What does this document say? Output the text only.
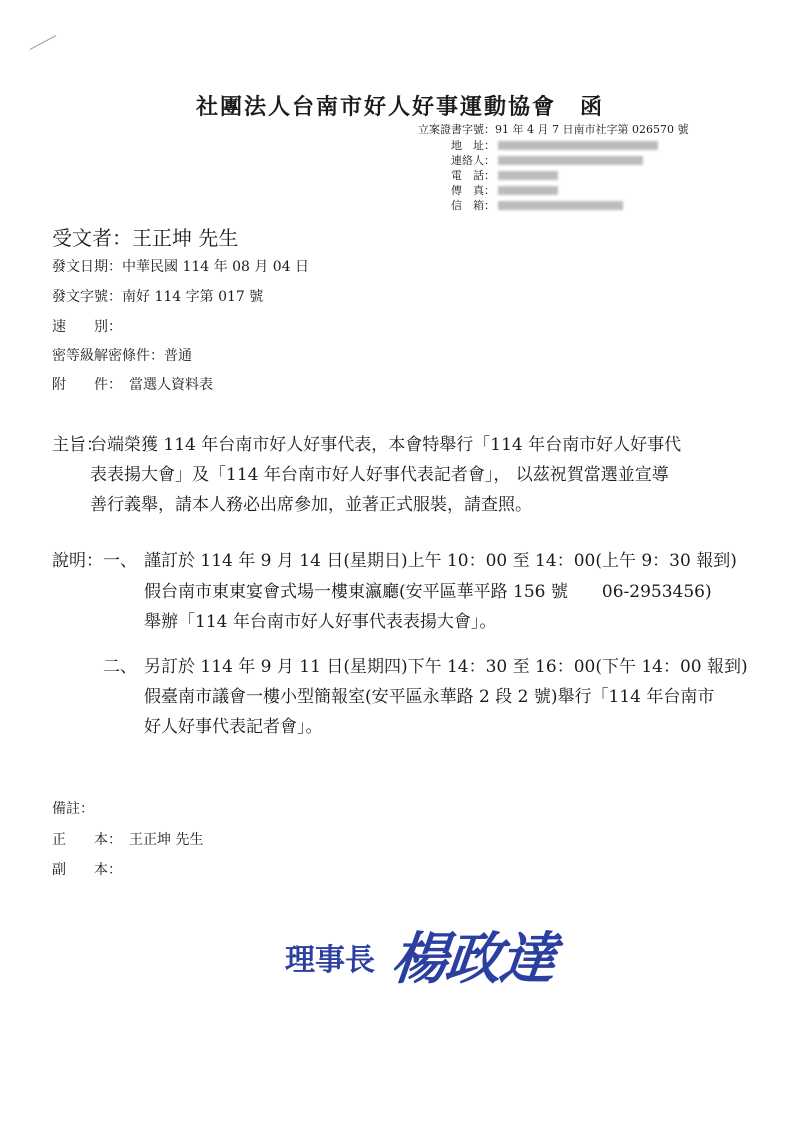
社團法人台南市好人好事運動協會　函
立案證書字號：91 年 4 月 7 日南市社字第 026570 號
地　址：
連絡人：
電　話：
傳　真：
信　箱：
受文者：王正坤 先生
發文日期：中華民國 114 年 08 月 04 日
發文字號：南好 114 字第 017 號
速　　別：
密等級解密條件：普通
附　　件：　當選人資料表
主旨：
台端榮獲 114 年台南市好人好事代表，本會特舉行「114 年台南市好人好事代
表表揚大會」及「114 年台南市好人好事代表記者會」， 以茲祝賀當選並宣導
善行義舉，請本人務必出席參加，並著正式服裝，請查照。
說明： 一、 謹訂於 114 年 9 月 14 日(星期日)上午 10：00 至 14：00(上午 9：30 報到)
假台南市東東宴會式場一樓東瀛廳(安平區華平路 156 號　　06-2953456)
舉辦「114 年台南市好人好事代表表揚大會」。
二、 另訂於 114 年 9 月 11 日(星期四)下午 14：30 至 16：00(下午 14：00 報到)
假臺南市議會一樓小型簡報室(安平區永華路 2 段 2 號)舉行「114 年台南市
好人好事代表記者會」。
備註：
正　　本：　王正坤 先生
副　　本：
理事長 楊政達
